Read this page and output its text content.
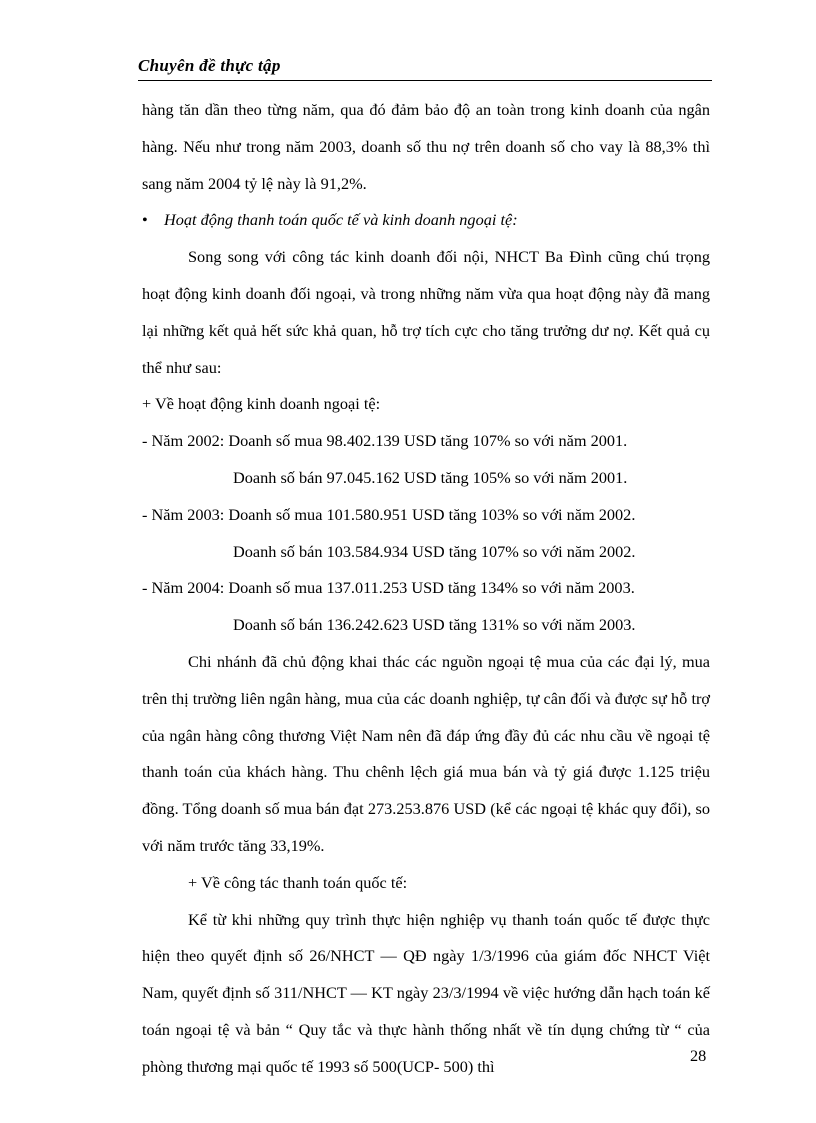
Chuyên đề thực tập

hàng tăn dần theo từng năm, qua đó đảm bảo độ an toàn trong kinh doanh của ngân hàng. Nếu như trong năm 2003, doanh số thu nợ trên doanh số cho vay là 88,3% thì sang năm 2004 tỷ lệ này là 91,2%.

• Hoạt động thanh toán quốc tế và kinh doanh ngoại tệ:

Song song với công tác kinh doanh đối nội, NHCT Ba Đình cũng chú trọng hoạt động kinh doanh đối ngoại, và trong những năm vừa qua hoạt động này đã mang lại những kết quả hết sức khả quan, hỗ trợ tích cực cho tăng trưởng dư nợ. Kết quả cụ thể như sau:

+ Về hoạt động kinh doanh ngoại tệ:

- Năm 2002: Doanh số mua 98.402.139 USD tăng 107% so với năm 2001.

Doanh số bán 97.045.162 USD tăng 105% so với năm 2001.

- Năm 2003: Doanh số mua 101.580.951 USD tăng 103% so với năm 2002.

Doanh số bán 103.584.934 USD tăng 107% so với năm 2002.

- Năm 2004: Doanh số mua 137.011.253 USD tăng 134% so với năm 2003.

Doanh số bán 136.242.623 USD tăng 131% so với năm 2003.

Chi nhánh đã chủ động khai thác các nguồn ngoại tệ mua của các đại lý, mua trên thị trường liên ngân hàng, mua của các doanh nghiệp, tự cân đối và được sự hỗ trợ của ngân hàng công thương Việt Nam nên đã đáp ứng đầy đủ các nhu cầu về ngoại tệ thanh toán của khách hàng. Thu chênh lệch giá mua bán và tỷ giá được 1.125 triệu đồng. Tổng doanh số mua bán đạt 273.253.876 USD (kể các ngoại tệ khác quy đổi), so với năm trước tăng 33,19%.

+ Về công tác thanh toán quốc tế:

Kể từ khi những quy trình thực hiện nghiệp vụ thanh toán quốc tế được thực hiện theo quyết định số 26/NHCT — QĐ ngày 1/3/1996 của giám đốc NHCT Việt Nam, quyết định số 311/NHCT — KT ngày 23/3/1994 về việc hướng dẫn hạch toán kế toán ngoại tệ và bản “ Quy tắc và thực hành thống nhất về tín dụng chứng từ “ của phòng thương mại quốc tế 1993 số 500(UCP- 500) thì

28
